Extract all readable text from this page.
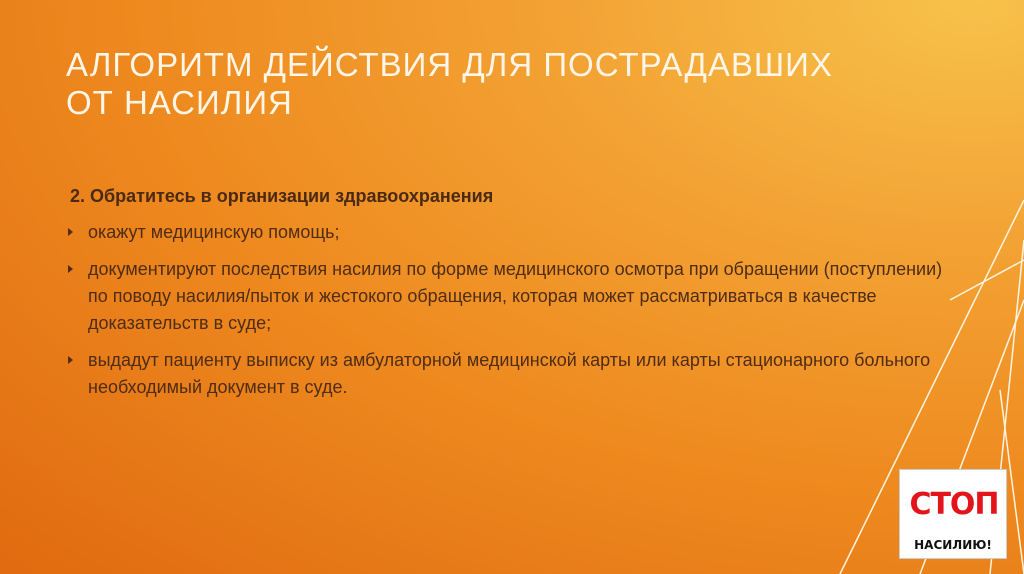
АЛГОРИТМ ДЕЙСТВИЯ ДЛЯ ПОСТРАДАВШИХ ОТ НАСИЛИЯ

2. Обратитесь в организации здравоохранения

окажут медицинскую помощь;
документируют последствия насилия по форме медицинского осмотра при обращении (поступлении) по поводу насилия/пыток и жестокого обращения, которая может рассматриваться в качестве доказательств в суде;
выдадут пациенту выписку из амбулаторной медицинской карты или карты стационарного больного необходимый документ в суде.
СТОП
НАСИЛИЮ!
